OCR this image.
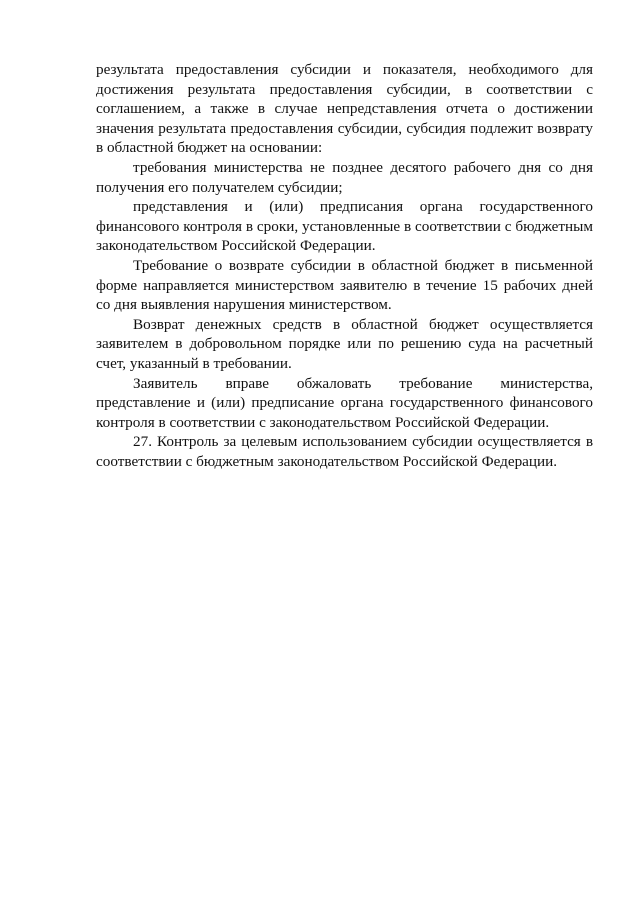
результата предоставления субсидии и показателя, необходимого для достижения результата предоставления субсидии, в соответствии с соглашением, а также в случае непредставления отчета о достижении значения результата предоставления субсидии, субсидия подлежит возврату в областной бюджет на основании:

требования министерства не позднее десятого рабочего дня со дня получения его получателем субсидии;

представления и (или) предписания органа государственного финансового контроля в сроки, установленные в соответствии с бюджетным законодательством Российской Федерации.

Требование о возврате субсидии в областной бюджет в письменной форме направляется министерством заявителю в течение 15 рабочих дней со дня выявления нарушения министерством.

Возврат денежных средств в областной бюджет осуществляется заявителем в добровольном порядке или по решению суда на расчетный счет, указанный в требовании.

Заявитель вправе обжаловать требование министерства, представление и (или) предписание органа государственного финансового контроля в соответствии с законодательством Российской Федерации.

27. Контроль за целевым использованием субсидии осуществляется в соответствии с бюджетным законодательством Российской Федерации.
